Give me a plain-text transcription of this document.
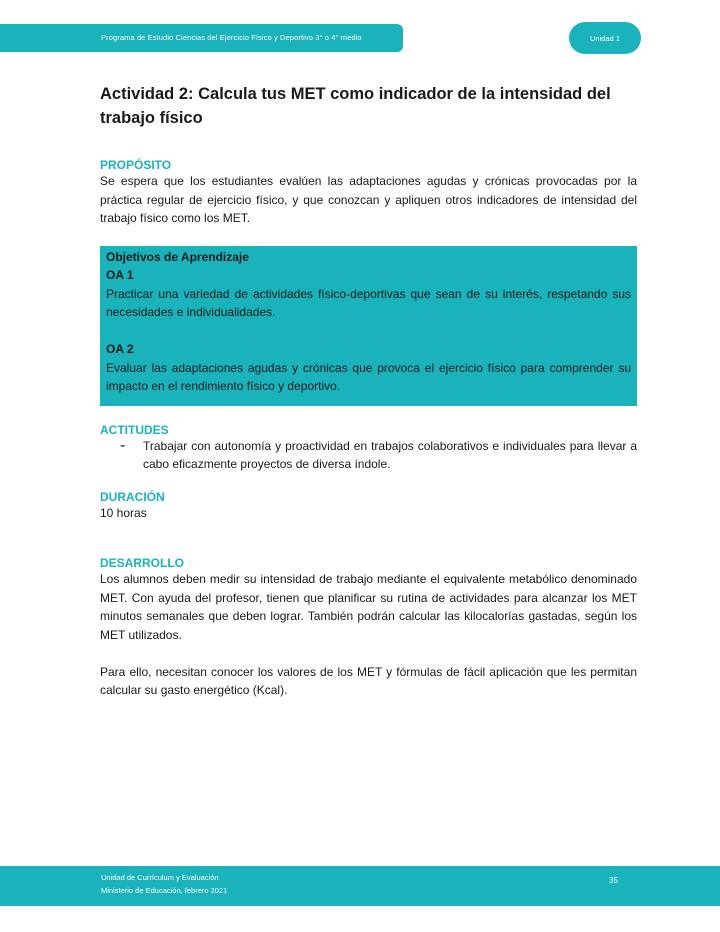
Programa de Estudio Ciencias del Ejercicio Físico y Deportivo 3° o 4° medio	Unidad 1
Actividad 2: Calcula tus MET como indicador de la intensidad del trabajo físico
PROPÓSITO

Se espera que los estudiantes evalúen las adaptaciones agudas y crónicas provocadas por la práctica regular de ejercicio físico, y que conozcan y apliquen otros indicadores de intensidad del trabajo físico como los MET.

Objetivos de Aprendizaje

OA 1

Practicar una variedad de actividades físico-deportivas que sean de su interés, respetando sus necesidades e individualidades.

OA 2

Evaluar las adaptaciones agudas y crónicas que provoca el ejercicio físico para comprender su impacto en el rendimiento físico y deportivo.

ACTITUDES
-	Trabajar con autonomía y proactividad en trabajos colaborativos e individuales para llevar a cabo eficazmente proyectos de diversa índole.
DURACIÓN

10 horas

DESARROLLO

Los alumnos deben medir su intensidad de trabajo mediante el equivalente metabólico denominado MET. Con ayuda del profesor, tienen que planificar su rutina de actividades para alcanzar los MET minutos semanales que deben lograr. También podrán calcular las kilocalorías gastadas, según los MET utilizados.

Para ello, necesitan conocer los valores de los MET y fórmulas de fácil aplicación que les permitan calcular su gasto energético (Kcal).

Unidad de Currículum y Evaluación
Ministerio de Educación, febrero 2021
35
